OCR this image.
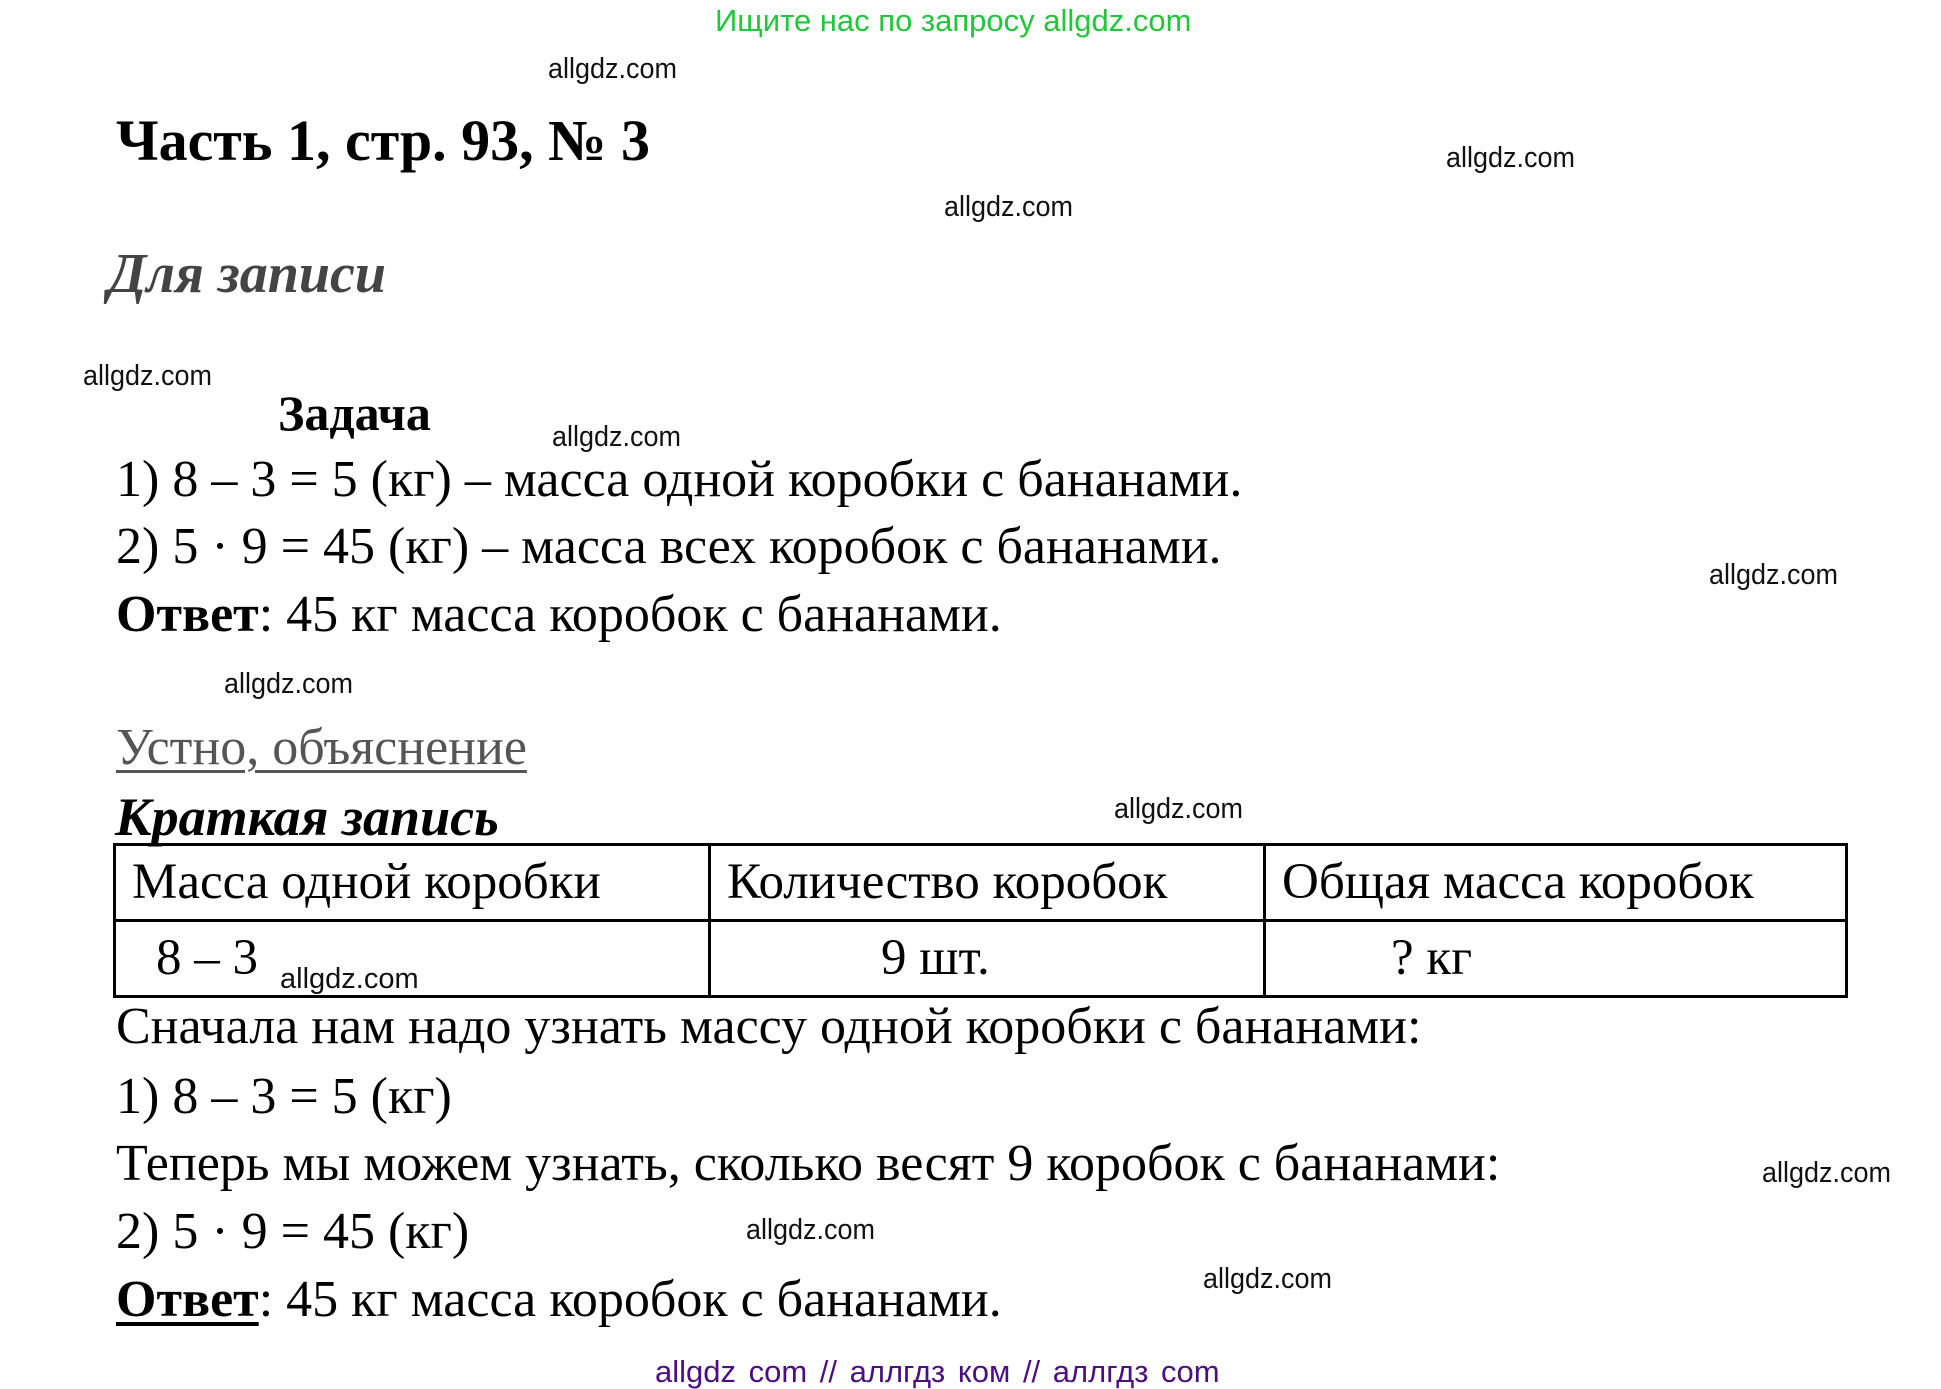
Ищите нас по запросу allgdz.com
allgdz.com
allgdz.com
allgdz.com
allgdz.com
allgdz.com
allgdz.com
allgdz.com
allgdz.com
allgdz.com
allgdz.com
allgdz.com
Часть 1, стр. 93, № 3
Для записи
Задача
1) 8 – 3 = 5 (кг) – масса одной коробки с бананами.
2) 5 · 9 = 45 (кг) – масса всех коробок с бананами.
Ответ: 45 кг масса коробок с бананами.
Устно, объяснение
Краткая запись
Масса одной коробки	Количество коробок	Общая масса коробок
8 – 3 $_{allgdz.com}$	9 шт.	? кг
Сначала нам надо узнать массу одной коробки с бананами:
1) 8 – 3 = 5 (кг)
Теперь мы можем узнать, сколько весят 9 коробок с бананами:
2) 5 · 9 = 45 (кг)
Ответ: 45 кг масса коробок с бананами.
allgdz com // аллгдз ком // аллгдз com
